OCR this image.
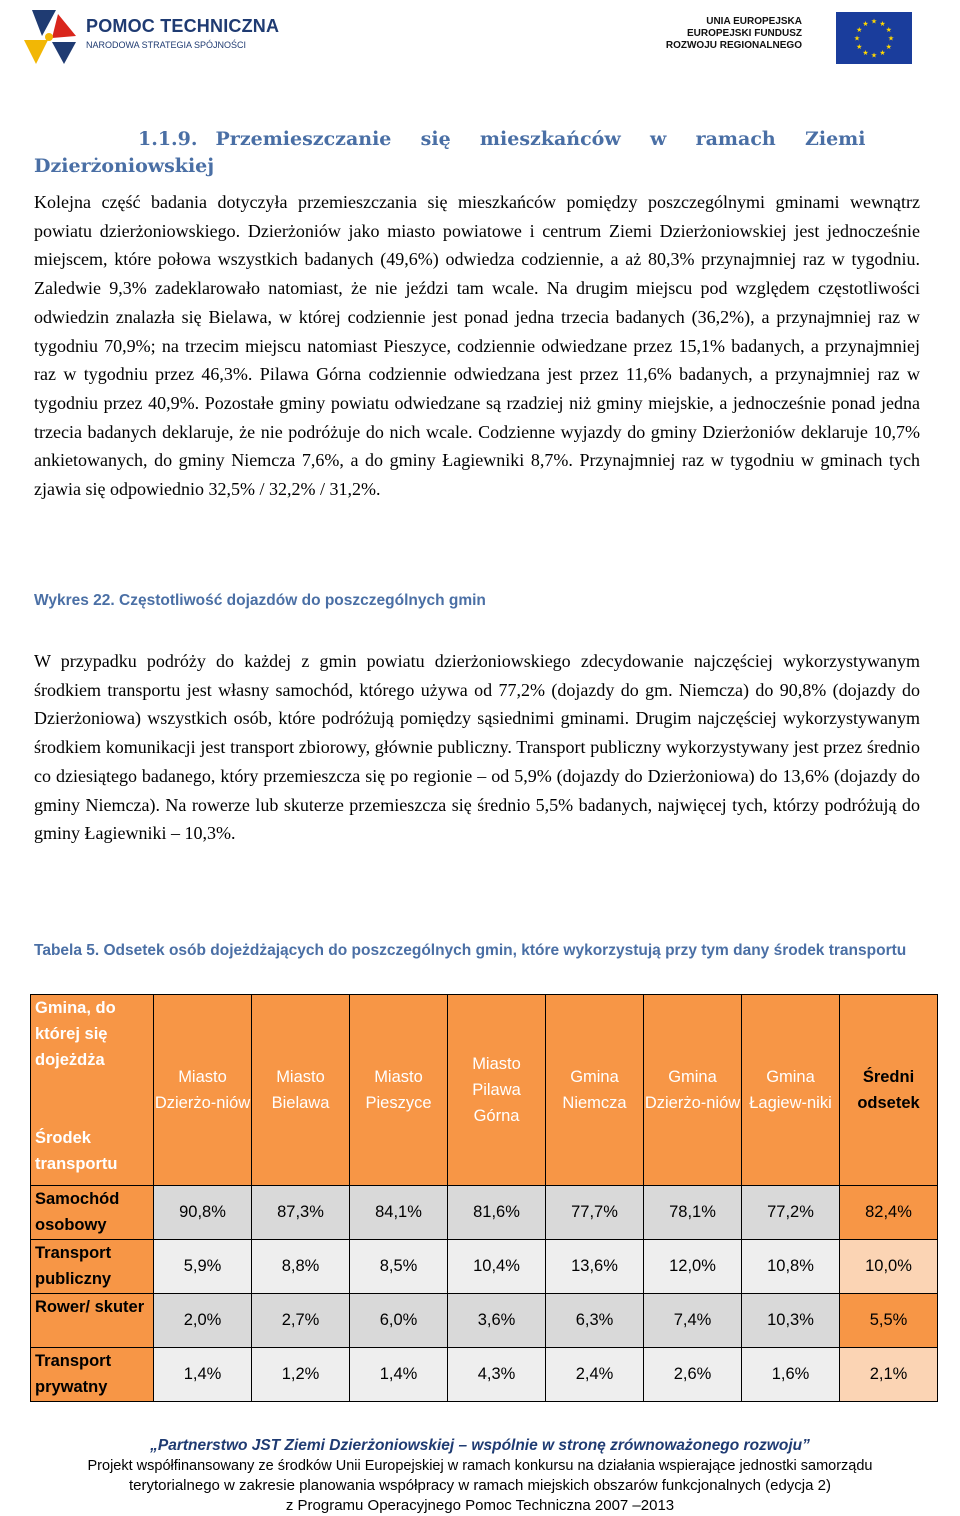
POMOC TECHNICZNA
NARODOWA STRATEGIA SPÓJNOŚCI
UNIA EUROPEJSKA
EUROPEJSKI FUNDUSZ
ROZWOJU REGIONALNEGO
★ ★
★
★
★
★
★
★
★
★
★
★
1.1.9. Przemieszczanie się mieszkańców w ramach Ziemi
Dzierżoniowskiej

Kolejna część badania dotyczyła przemieszczania się mieszkańców pomiędzy poszczególnymi gminami wewnątrz powiatu dzierżoniowskiego. Dzierżoniów jako miasto powiatowe i centrum Ziemi Dzierżoniowskiej jest jednocześnie miejscem, które połowa wszystkich badanych (49,6%) odwiedza codziennie, a aż 80,3% przynajmniej raz w tygodniu. Zaledwie 9,3% zadeklarowało natomiast, że nie jeździ tam wcale. Na drugim miejscu pod względem częstotliwości odwiedzin znalazła się Bielawa, w której codziennie jest ponad jedna trzecia badanych (36,2%), a przynajmniej raz w tygodniu 70,9%; na trzecim miejscu natomiast Pieszyce, codziennie odwiedzane przez 15,1% badanych, a przynajmniej raz w tygodniu przez 46,3%. Pilawa Górna codziennie odwiedzana jest przez 11,6% badanych, a przynajmniej raz w tygodniu przez 40,9%. Pozostałe gminy powiatu odwiedzane są rzadziej niż gminy miejskie, a jednocześnie ponad jedna trzecia badanych deklaruje, że nie podróżuje do nich wcale. Codzienne wyjazdy do gminy Dzierżoniów deklaruje 10,7% ankietowanych, do gminy Niemcza 7,6%, a do gminy Łagiewniki 8,7%. Przynajmniej raz w tygodniu w gminach tych zjawia się odpowiednio 32,5% / 32,2% / 31,2%.

Wykres 22. Częstotliwość dojazdów do poszczególnych gmin

W przypadku podróży do każdej z gmin powiatu dzierżoniowskiego zdecydowanie najczęściej wykorzystywanym środkiem transportu jest własny samochód, którego używa od 77,2% (dojazdy do gm. Niemcza) do 90,8% (dojazdy do Dzierżoniowa) wszystkich osób, które podróżują pomiędzy sąsiednimi gminami. Drugim najczęściej wykorzystywanym środkiem komunikacji jest transport zbiorowy, głównie publiczny. Transport publiczny wykorzystywany jest przez średnio co dziesiątego badanego, który przemieszcza się po regionie – od 5,9% (dojazdy do Dzierżoniowa) do 13,6% (dojazdy do gminy Niemcza). Na rowerze lub skuterze przemieszcza się średnio 5,5% badanych, najwięcej tych, którzy podróżują do gminy Łagiewniki – 10,3%.

Tabela 5. Odsetek osób dojeżdżających do poszczególnych gmin, które wykorzystują przy tym dany środek transportu
Gmina, do której się dojeżdża
Środek transportu	Miasto Dzierżo-niów	Miasto Bielawa	Miasto Pieszyce	Miasto Pilawa Górna	Gmina Niemcza	Gmina Dzierżo-niów	Gmina Łagiew-niki	Średni odsetek
Samochód osobowy	90,8%	87,3%	84,1%	81,6%	77,7%	78,1%	77,2%	82,4%
Transport publiczny	5,9%	8,8%	8,5%	10,4%	13,6%	12,0%	10,8%	10,0%
Rower/ skuter	2,0%	2,7%	6,0%	3,6%	6,3%	7,4%	10,3%	5,5%
Transport prywatny	1,4%	1,2%	1,4%	4,3%	2,4%	2,6%	1,6%	2,1%
„Partnerstwo JST Ziemi Dzierżoniowskiej – wspólnie w stronę zrównoważonego rozwoju”
Projekt współfinansowany ze środków Unii Europejskiej w ramach konkursu na działania wspierające jednostki samorządu
terytorialnego w zakresie planowania współpracy w ramach miejskich obszarów funkcjonalnych (edycja 2)
z Programu Operacyjnego Pomoc Techniczna 2007 –2013
